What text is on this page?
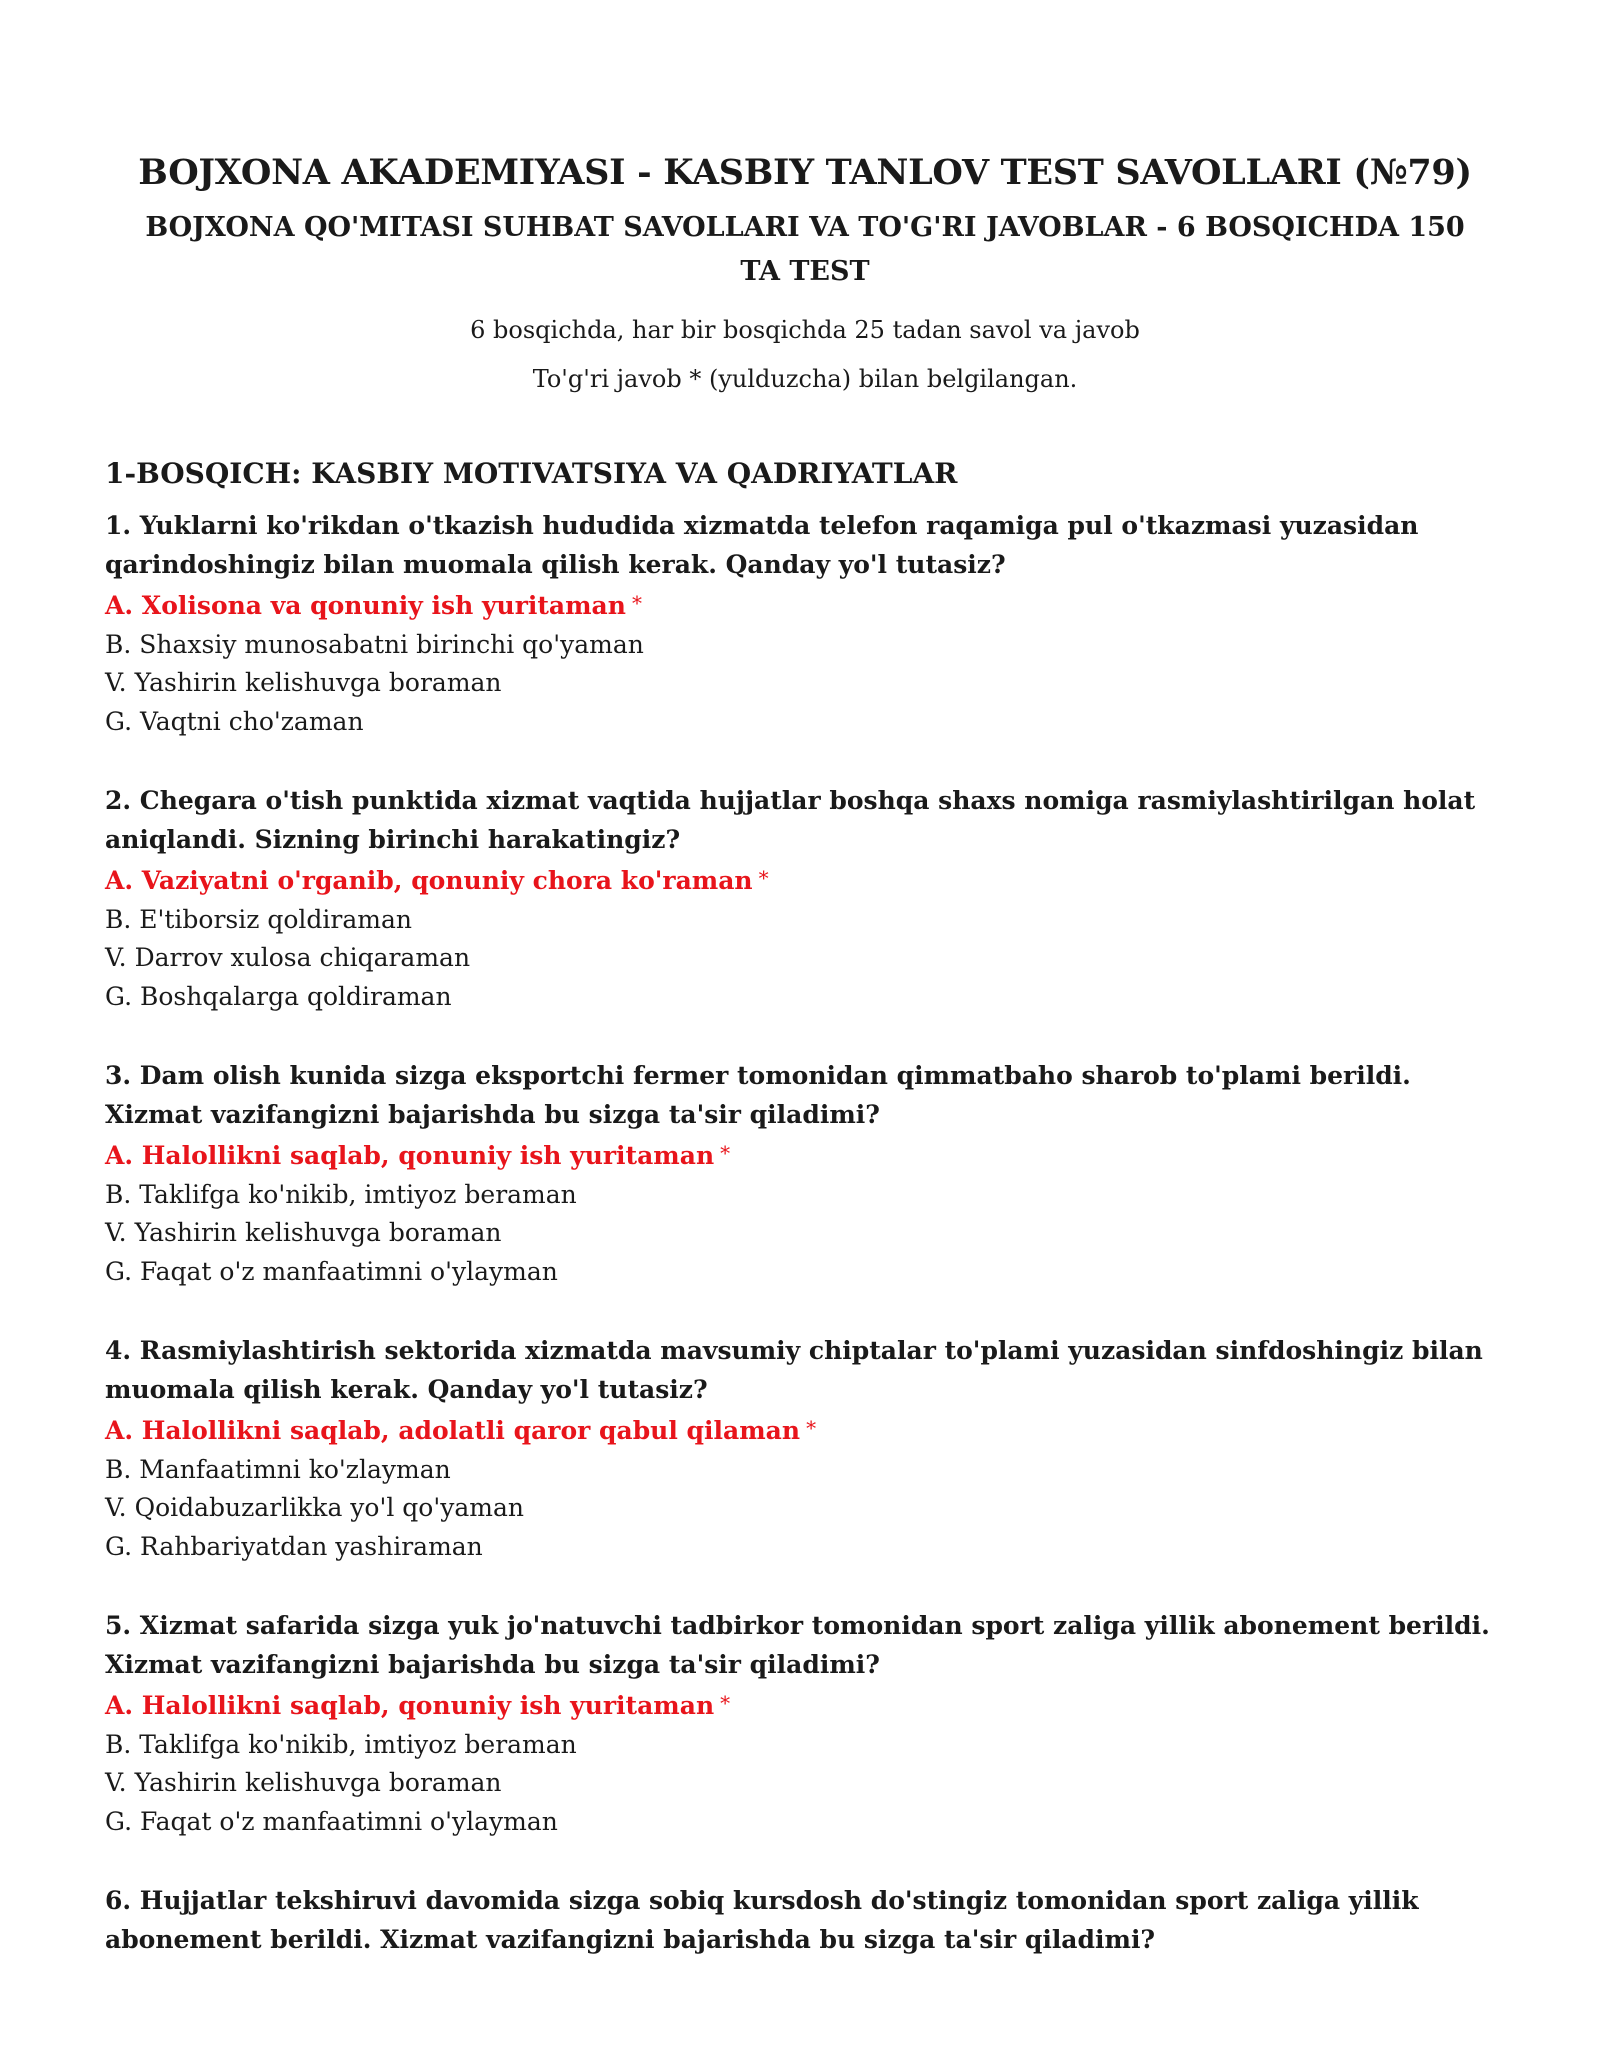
BOJXONA AKADEMIYASI - KASBIY TANLOV TEST SAVOLLARI (№79)
BOJXONA QO'MITASI SUHBAT SAVOLLARI VA TO'G'RI JAVOBLAR - 6 BOSQICHDA 150 TA TEST
6 bosqichda, har bir bosqichda 25 tadan savol va javob
To'g'ri javob * (yulduzcha) bilan belgilangan.
1-BOSQICH: KASBIY MOTIVATSIYA VA QADRIYATLAR
1. Yuklarni ko'rikdan o'tkazish hududida xizmatda telefon raqamiga pul o'tkazmasi yuzasidan qarindoshingiz bilan muomala qilish kerak. Qanday yo'l tutasiz?
A. Xolisona va qonuniy ish yuritaman *
B. Shaxsiy munosabatni birinchi qo'yaman
V. Yashirin kelishuvga boraman
G. Vaqtni cho'zaman
2. Chegara o'tish punktida xizmat vaqtida hujjatlar boshqa shaxs nomiga rasmiylashtirilgan holat aniqlandi. Sizning birinchi harakatingiz?
A. Vaziyatni o'rganib, qonuniy chora ko'raman *
B. E'tiborsiz qoldiraman
V. Darrov xulosa chiqaraman
G. Boshqalarga qoldiraman
3. Dam olish kunida sizga eksportchi fermer tomonidan qimmatbaho sharob to'plami berildi. Xizmat vazifangizni bajarishda bu sizga ta'sir qiladimi?
A. Halollikni saqlab, qonuniy ish yuritaman *
B. Taklifga ko'nikib, imtiyoz beraman
V. Yashirin kelishuvga boraman
G. Faqat o'z manfaatimni o'ylayman
4. Rasmiylashtirish sektorida xizmatda mavsumiy chiptalar to'plami yuzasidan sinfdoshingiz bilan muomala qilish kerak. Qanday yo'l tutasiz?
A. Halollikni saqlab, adolatli qaror qabul qilaman *
B. Manfaatimni ko'zlayman
V. Qoidabuzarlikka yo'l qo'yaman
G. Rahbariyatdan yashiraman
5. Xizmat safarida sizga yuk jo'natuvchi tadbirkor tomonidan sport zaliga yillik abonement berildi. Xizmat vazifangizni bajarishda bu sizga ta'sir qiladimi?
A. Halollikni saqlab, qonuniy ish yuritaman *
B. Taklifga ko'nikib, imtiyoz beraman
V. Yashirin kelishuvga boraman
G. Faqat o'z manfaatimni o'ylayman
6. Hujjatlar tekshiruvi davomida sizga sobiq kursdosh do'stingiz tomonidan sport zaliga yillik abonement berildi. Xizmat vazifangizni bajarishda bu sizga ta'sir qiladimi?
